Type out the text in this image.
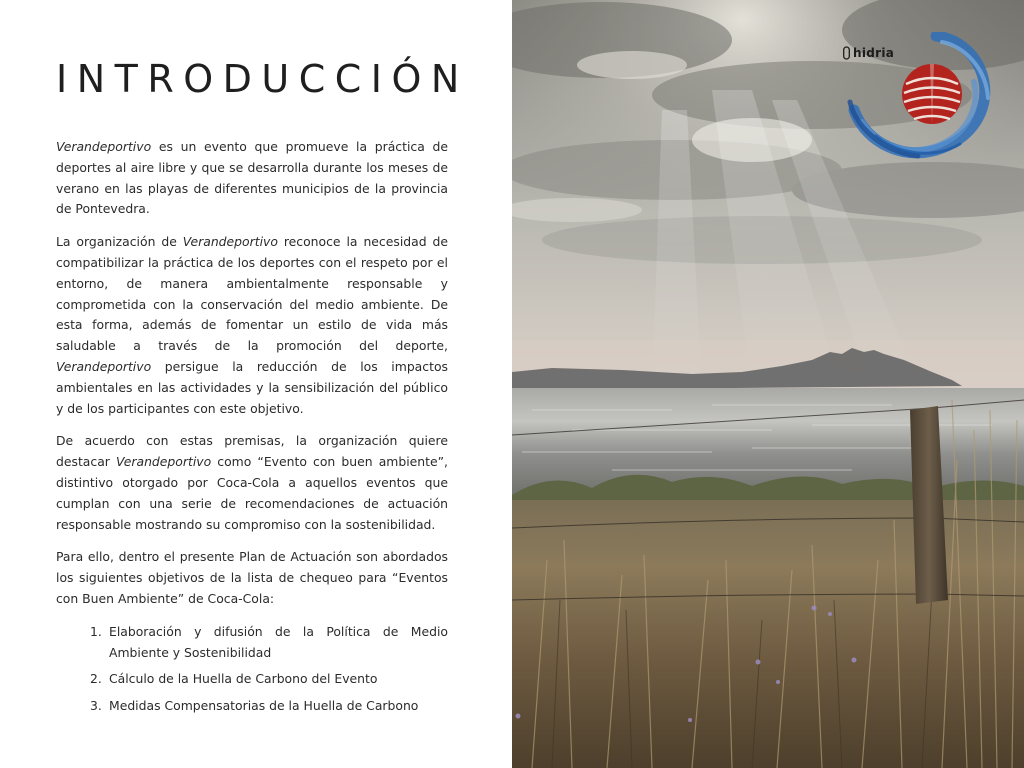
INTRODUCCIÓN

Verandeportivo es un evento que promueve la práctica de deportes al aire libre y que se desarrolla durante los meses de verano en las playas de diferentes municipios de la provincia de Pontevedra.

La organización de Verandeportivo reconoce la necesidad de compatibilizar la práctica de los deportes con el respeto por el entorno, de manera ambientalmente responsable y comprometida con la conservación del medio ambiente. De esta forma, además de fomentar un estilo de vida más saludable a través de la promoción del deporte, Verandeportivo persigue la reducción de los impactos ambientales en las actividades y la sensibilización del público y de los participantes con este objetivo.

De acuerdo con estas premisas, la organización quiere destacar Verandeportivo como “Evento con buen ambiente”, distintivo otorgado por Coca-Cola a aquellos eventos que cumplan con una serie de recomendaciones de actuación responsable mostrando su compromiso con la sostenibilidad.

Para ello, dentro el presente Plan de Actuación son abordados los siguientes objetivos de la lista de chequeo para “Eventos con Buen Ambiente” de Coca-Cola:

1. Elaboración y difusión de la Política de Medio Ambiente y Sostenibilidad
2. Cálculo de la Huella de Carbono del Evento
3. Medidas Compensatorias de la Huella de Carbono
hidria
